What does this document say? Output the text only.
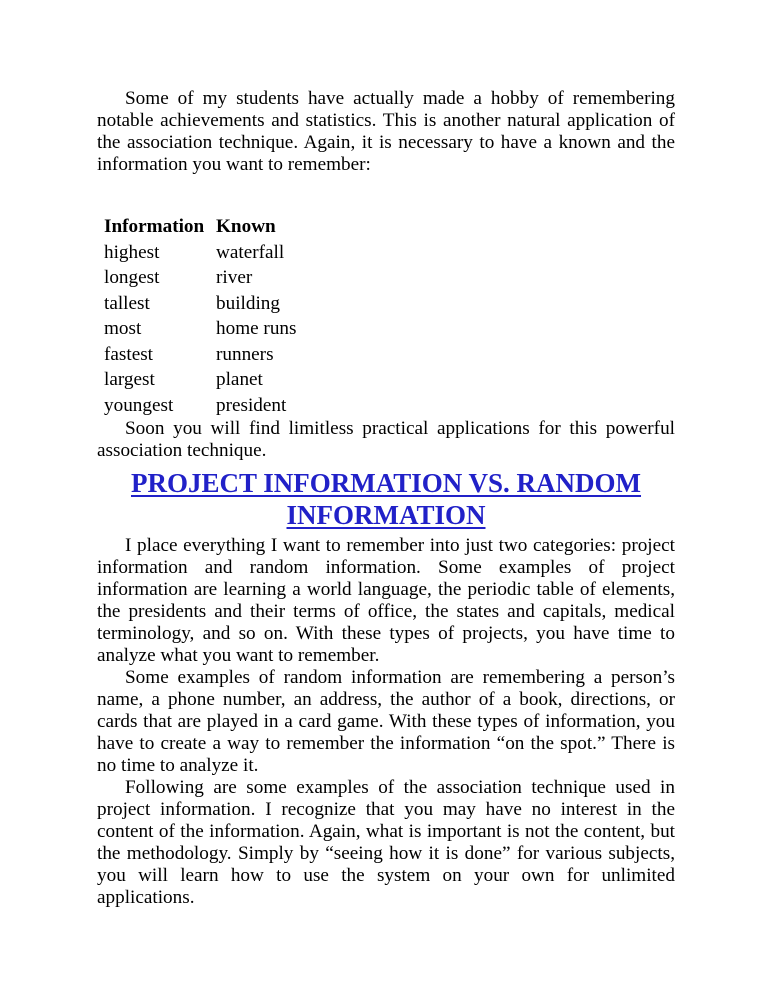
Some of my students have actually made a hobby of remembering notable achievements and statistics. This is another natural application of the association technique. Again, it is necessary to have a known and the information you want to remember:

Information	Known
highest	waterfall
longest	river
tallest	building
most	home runs
fastest	runners
largest	planet
youngest	president

Soon you will find limitless practical applications for this powerful association technique.

PROJECT INFORMATION VS. RANDOM
INFORMATION

I place everything I want to remember into just two categories: project information and random information. Some examples of project information are learning a world language, the periodic table of elements, the presidents and their terms of office, the states and capitals, medical terminology, and so on. With these types of projects, you have time to analyze what you want to remember.

Some examples of random information are remembering a person’s name, a phone number, an address, the author of a book, directions, or cards that are played in a card game. With these types of information, you have to create a way to remember the information “on the spot.” There is no time to analyze it.

Following are some examples of the association technique used in project information. I recognize that you may have no interest in the content of the information. Again, what is important is not the content, but the methodology. Simply by “seeing how it is done” for various subjects, you will learn how to use the system on your own for unlimited applications.
